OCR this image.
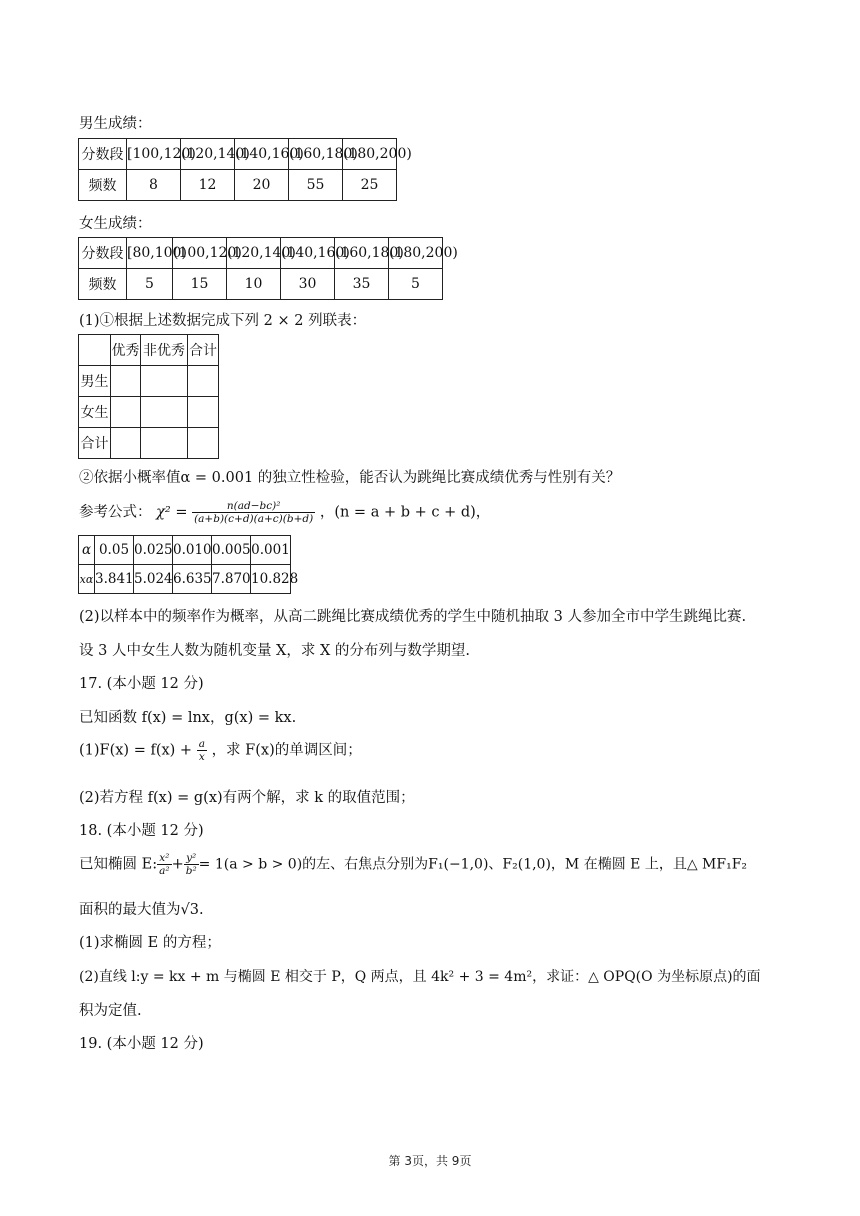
男生成绩：
分数段	[100,120)	(120,140)	(140,160)	(160,180)	(180,200)
频数	8	12	20	55	25
女生成绩：
分数段	[80,100)	(100,120)	(120,140)	(140,160)	(160,180)	(180,200)
频数	5	15	10	30	35	5
(1)①根据上述数据完成下列 2 × 2 列联表：
	优秀	非优秀	合计
男生			
女生			
合计			
②依据小概率值α = 0.001 的独立性检验，能否认为跳绳比赛成绩优秀与性别有关？
参考公式： $\chi^2 = \frac{\text{n(ad−bc)²}}{(a+b)(c+d)(a+c)(b+d)}$ ，(n = a + b + c + d)，
α	0.05	0.025	0.010	0.005	0.001
xα	3.841	5.024	6.635	7.870	10.828
(2)以样本中的频率作为概率，从高二跳绳比赛成绩优秀的学生中随机抽取 3 人参加全市中学生跳绳比赛.
设 3 人中女生人数为随机变量 X，求 X 的分布列与数学期望.
17. (本小题 12 分)
已知函数 f(x) = lnx，g(x) = kx.
$(1)F(x) = f(x) + \frac{a}{x}$ ，求 F(x)的单调区间；
(2)若方程 f(x) = g(x)有两个解，求 k 的取值范围；
18. (本小题 12 分)
已知椭圆 E: $\frac{\text{x²}}{\text{a²}} + \frac{\text{y²}}{\text{b²}} = 1(a > b > 0)$的左、右焦点分别为F₁(−1,0)、F₂(1,0)，M 在椭圆 E 上，且△ MF₁F₂
面积的最大值为√3.
(1)求椭圆 E 的方程；
(2)直线 l:y = kx + m 与椭圆 E 相交于 P，Q 两点，且 4k² + 3 = 4m²，求证：△ OPQ(O 为坐标原点)的面
积为定值.
19. (本小题 12 分)
第 3页，共 9页
